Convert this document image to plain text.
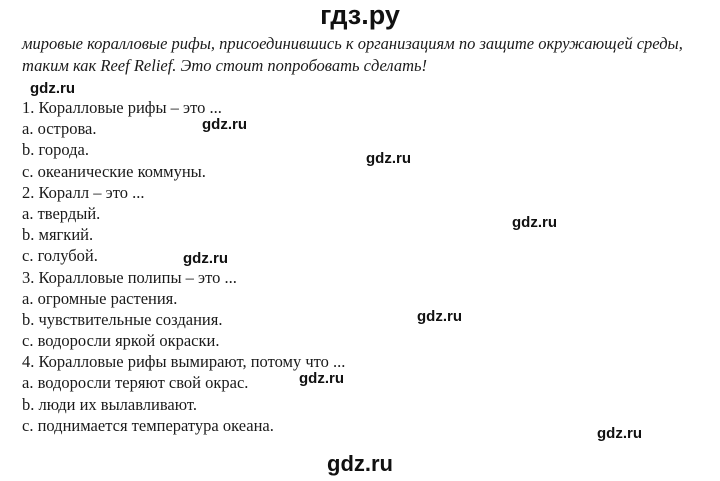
гдз.ру

мировые коралловые рифы, присоединившись к организациям по защите окружающей среды, таким как Reef Relief. Это стоит попробовать сделать!

1. Коралловые рифы – это ...
a. острова.
b. города.
c. океанические коммуны.
2. Коралл – это ...
a. твердый.
b. мягкий.
c. голубой.
3. Коралловые полипы – это ...
a. огромные растения.
b. чувствительные создания.
c. водоросли яркой окраски.
4. Коралловые рифы вымирают, потому что ...
a. водоросли теряют свой окрас.
b. люди их вылавливают.
c. поднимается температура океана.
gdz.ru
gdz.ru
gdz.ru
gdz.ru
gdz.ru
gdz.ru
gdz.ru
gdz.ru
gdz.ru
